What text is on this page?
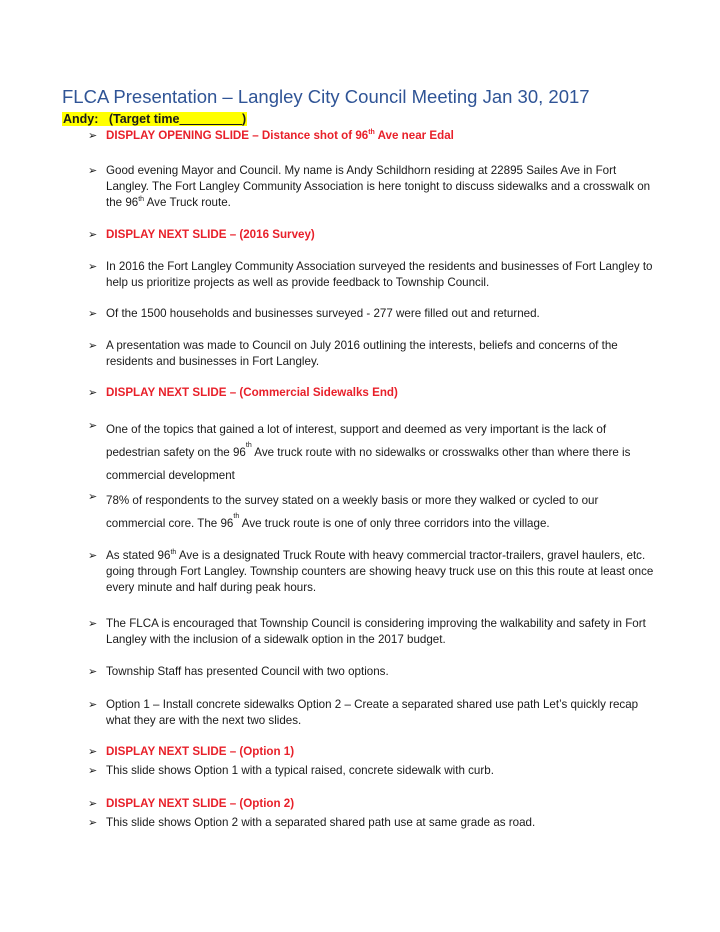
FLCA Presentation – Langley City Council Meeting Jan 30, 2017
Andy: (Target time_________)
➢ DISPLAY OPENING SLIDE – Distance shot of 96th Ave near Edal
➢ Good evening Mayor and Council. My name is Andy Schildhorn residing at 22895 Sailes Ave in Fort Langley. The Fort Langley Community Association is here tonight to discuss sidewalks and a crosswalk on the 96th Ave Truck route.
➢ DISPLAY NEXT SLIDE – (2016 Survey)
➢ In 2016 the Fort Langley Community Association surveyed the residents and businesses of Fort Langley to help us prioritize projects as well as provide feedback to Township Council.
➢ Of the 1500 households and businesses surveyed - 277 were filled out and returned.
➢ A presentation was made to Council on July 2016 outlining the interests, beliefs and concerns of the residents and businesses in Fort Langley.
➢ DISPLAY NEXT SLIDE – (Commercial Sidewalks End)
➢ One of the topics that gained a lot of interest, support and deemed as very important is the lack of pedestrian safety on the 96th Ave truck route with no sidewalks or crosswalks other than where there is commercial development
➢ 78% of respondents to the survey stated on a weekly basis or more they walked or cycled to our commercial core. The 96th Ave truck route is one of only three corridors into the village.
➢ As stated 96th Ave is a designated Truck Route with heavy commercial tractor-trailers, gravel haulers, etc. going through Fort Langley. Township counters are showing heavy truck use on this this route at least once every minute and half during peak hours.
➢ The FLCA is encouraged that Township Council is considering improving the walkability and safety in Fort Langley with the inclusion of a sidewalk option in the 2017 budget.
➢ Township Staff has presented Council with two options.
➢ Option 1 – Install concrete sidewalks Option 2 – Create a separated shared use path Let’s quickly recap what they are with the next two slides.
➢ DISPLAY NEXT SLIDE – (Option 1)
➢ This slide shows Option 1 with a typical raised, concrete sidewalk with curb.
➢ DISPLAY NEXT SLIDE – (Option 2)
➢ This slide shows Option 2 with a separated shared path use at same grade as road.
